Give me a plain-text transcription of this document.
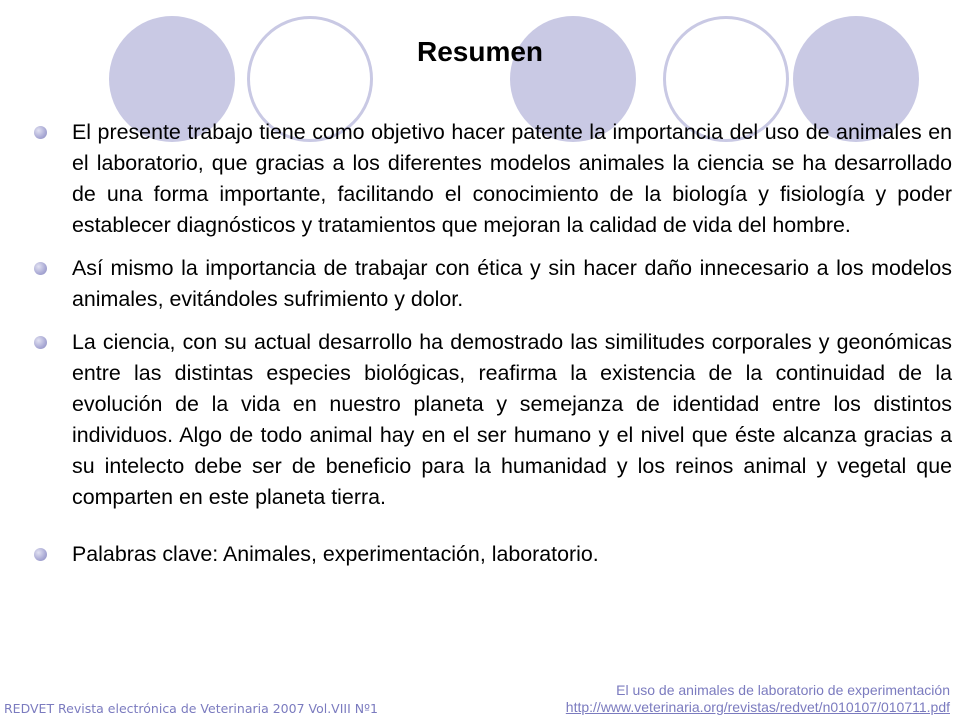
Resumen
El presente trabajo tiene como objetivo hacer patente la importancia del uso de animales en el laboratorio, que gracias a los diferentes modelos animales la ciencia se ha desarrollado de una forma importante, facilitando el conocimiento de la biología y fisiología y poder establecer diagnósticos y tratamientos que mejoran la calidad de vida del hombre.
Así mismo la importancia de trabajar con ética y sin hacer daño innecesario a los modelos animales, evitándoles sufrimiento y dolor.
La ciencia, con su actual desarrollo ha demostrado las similitudes corporales y geonómicas entre las distintas especies biológicas, reafirma la existencia de la continuidad de la evolución de la vida en nuestro planeta y semejanza de identidad entre los distintos individuos. Algo de todo animal hay en el ser humano y el nivel que éste alcanza gracias a su intelecto debe ser de beneficio para la humanidad y los reinos animal y vegetal que comparten en este planeta tierra.
Palabras clave: Animales, experimentación, laboratorio.
REDVET Revista electrónica de Veterinaria 2007 Vol.VIII Nº1
El uso de animales de laboratorio de experimentación
http://www.veterinaria.org/revistas/redvet/n010107/010711.pdf
